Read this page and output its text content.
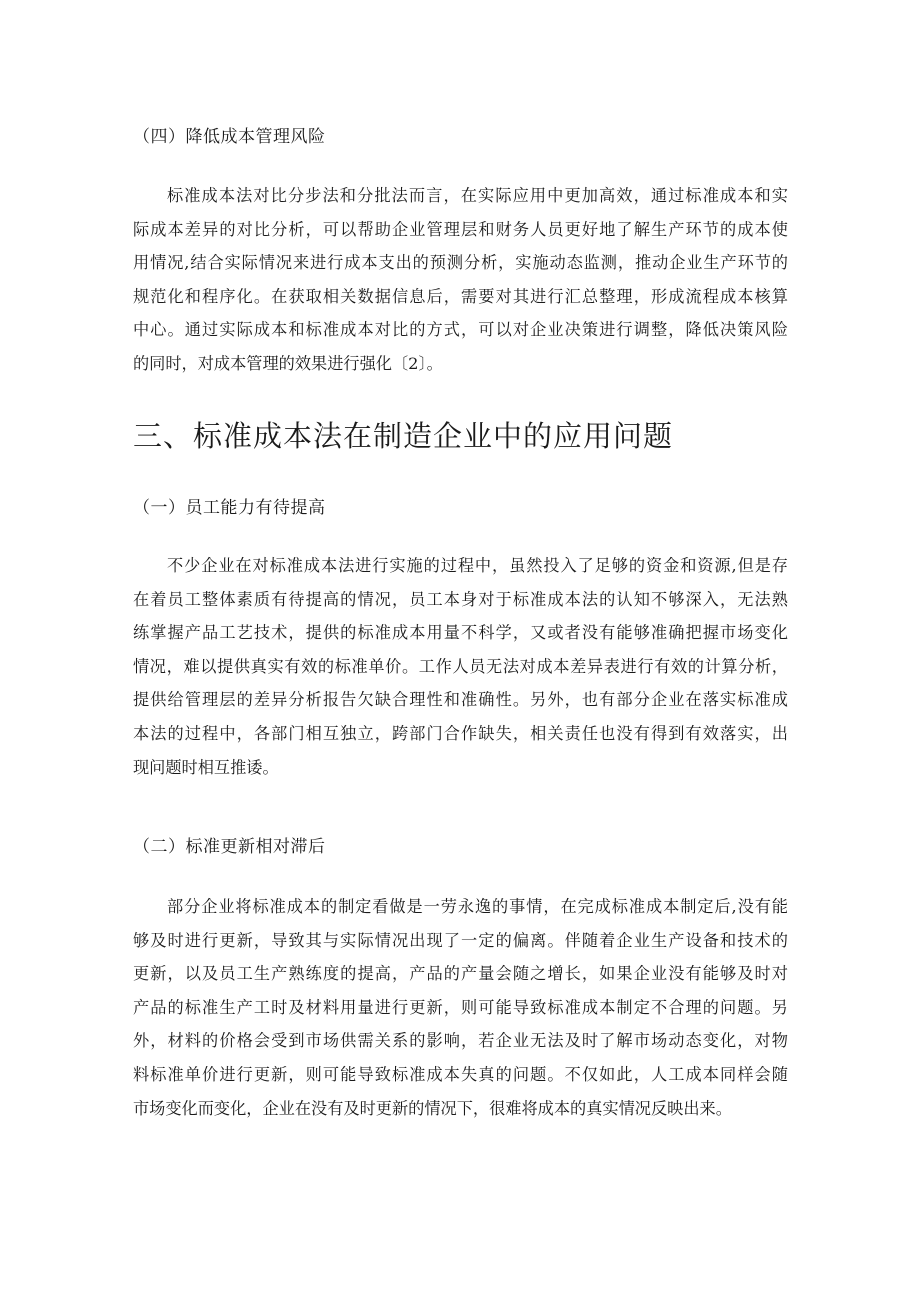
（四）降低成本管理风险
标准成本法对比分步法和分批法而言，在实际应用中更加高效，通过标准成本和实
际成本差异的对比分析，可以帮助企业管理层和财务人员更好地了解生产环节的成本使
用情况,结合实际情况来进行成本支出的预测分析，实施动态监测，推动企业生产环节的
规范化和程序化。在获取相关数据信息后，需要对其进行汇总整理，形成流程成本核算
中心。通过实际成本和标准成本对比的方式，可以对企业决策进行调整，降低决策风险
的同时，对成本管理的效果进行强化〔2〕。
三、标准成本法在制造企业中的应用问题
（一）员工能力有待提高
不少企业在对标准成本法进行实施的过程中，虽然投入了足够的资金和资源,但是存
在着员工整体素质有待提高的情况，员工本身对于标准成本法的认知不够深入，无法熟
练掌握产品工艺技术，提供的标准成本用量不科学，又或者没有能够准确把握市场变化
情况，难以提供真实有效的标准单价。工作人员无法对成本差异表进行有效的计算分析，
提供给管理层的差异分析报告欠缺合理性和准确性。另外，也有部分企业在落实标准成
本法的过程中，各部门相互独立，跨部门合作缺失，相关责任也没有得到有效落实，出
现问题时相互推诿。
（二）标准更新相对滞后
部分企业将标准成本的制定看做是一劳永逸的事情，在完成标准成本制定后,没有能
够及时进行更新，导致其与实际情况出现了一定的偏离。伴随着企业生产设备和技术的
更新，以及员工生产熟练度的提高，产品的产量会随之增长，如果企业没有能够及时对
产品的标准生产工时及材料用量进行更新，则可能导致标准成本制定不合理的问题。另
外，材料的价格会受到市场供需关系的影响，若企业无法及时了解市场动态变化，对物
料标准单价进行更新，则可能导致标准成本失真的问题。不仅如此，人工成本同样会随
市场变化而变化，企业在没有及时更新的情况下，很难将成本的真实情况反映出来。
